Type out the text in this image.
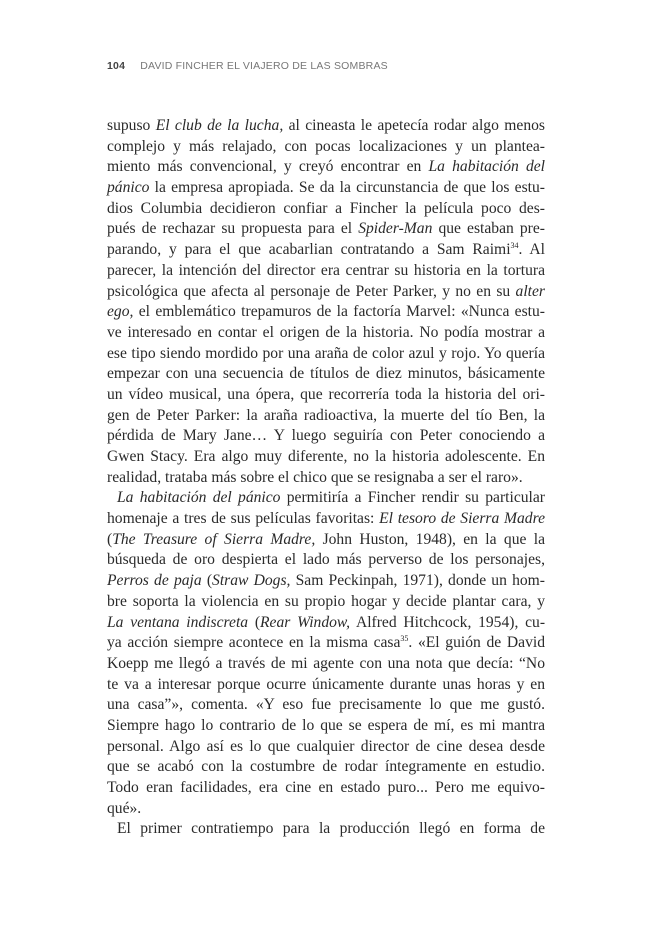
104 DAVID FINCHER EL VIAJERO DE LAS SOMBRAS
supuso El club de la lucha, al cineasta le apetecía rodar algo menos
complejo y más relajado, con pocas localizaciones y un plantea-
miento más convencional, y creyó encontrar en La habitación del
pánico la empresa apropiada. Se da la circunstancia de que los estu-
dios Columbia decidieron confiar a Fincher la película poco des-
pués de rechazar su propuesta para el Spider-Man que estaban pre-
parando, y para el que acabarlian contratando a Sam Raimi$^{34}$. Al
parecer, la intención del director era centrar su historia en la tortura
psicológica que afecta al personaje de Peter Parker, y no en su alter
ego, el emblemático trepamuros de la factoría Marvel: «Nunca estu-
ve interesado en contar el origen de la historia. No podía mostrar a
ese tipo siendo mordido por una araña de color azul y rojo. Yo quería
empezar con una secuencia de títulos de diez minutos, básicamente
un vídeo musical, una ópera, que recorrería toda la historia del ori-
gen de Peter Parker: la araña radioactiva, la muerte del tío Ben, la
pérdida de Mary Jane… Y luego seguiría con Peter conociendo a
Gwen Stacy. Era algo muy diferente, no la historia adolescente. En
realidad, trataba más sobre el chico que se resignaba a ser el raro».
La habitación del pánico permitiría a Fincher rendir su particular
homenaje a tres de sus películas favoritas: El tesoro de Sierra Madre
(The Treasure of Sierra Madre, John Huston, 1948), en la que la
búsqueda de oro despierta el lado más perverso de los personajes,
Perros de paja (Straw Dogs, Sam Peckinpah, 1971), donde un hom-
bre soporta la violencia en su propio hogar y decide plantar cara, y
La ventana indiscreta (Rear Window, Alfred Hitchcock, 1954), cu-
ya acción siempre acontece en la misma casa$^{35}$. «El guión de David
Koepp me llegó a través de mi agente con una nota que decía: “No
te va a interesar porque ocurre únicamente durante unas horas y en
una casa”», comenta. «Y eso fue precisamente lo que me gustó.
Siempre hago lo contrario de lo que se espera de mí, es mi mantra
personal. Algo así es lo que cualquier director de cine desea desde
que se acabó con la costumbre de rodar íntegramente en estudio.
Todo eran facilidades, era cine en estado puro... Pero me equivo-
qué».
El primer contratiempo para la producción llegó en forma de
